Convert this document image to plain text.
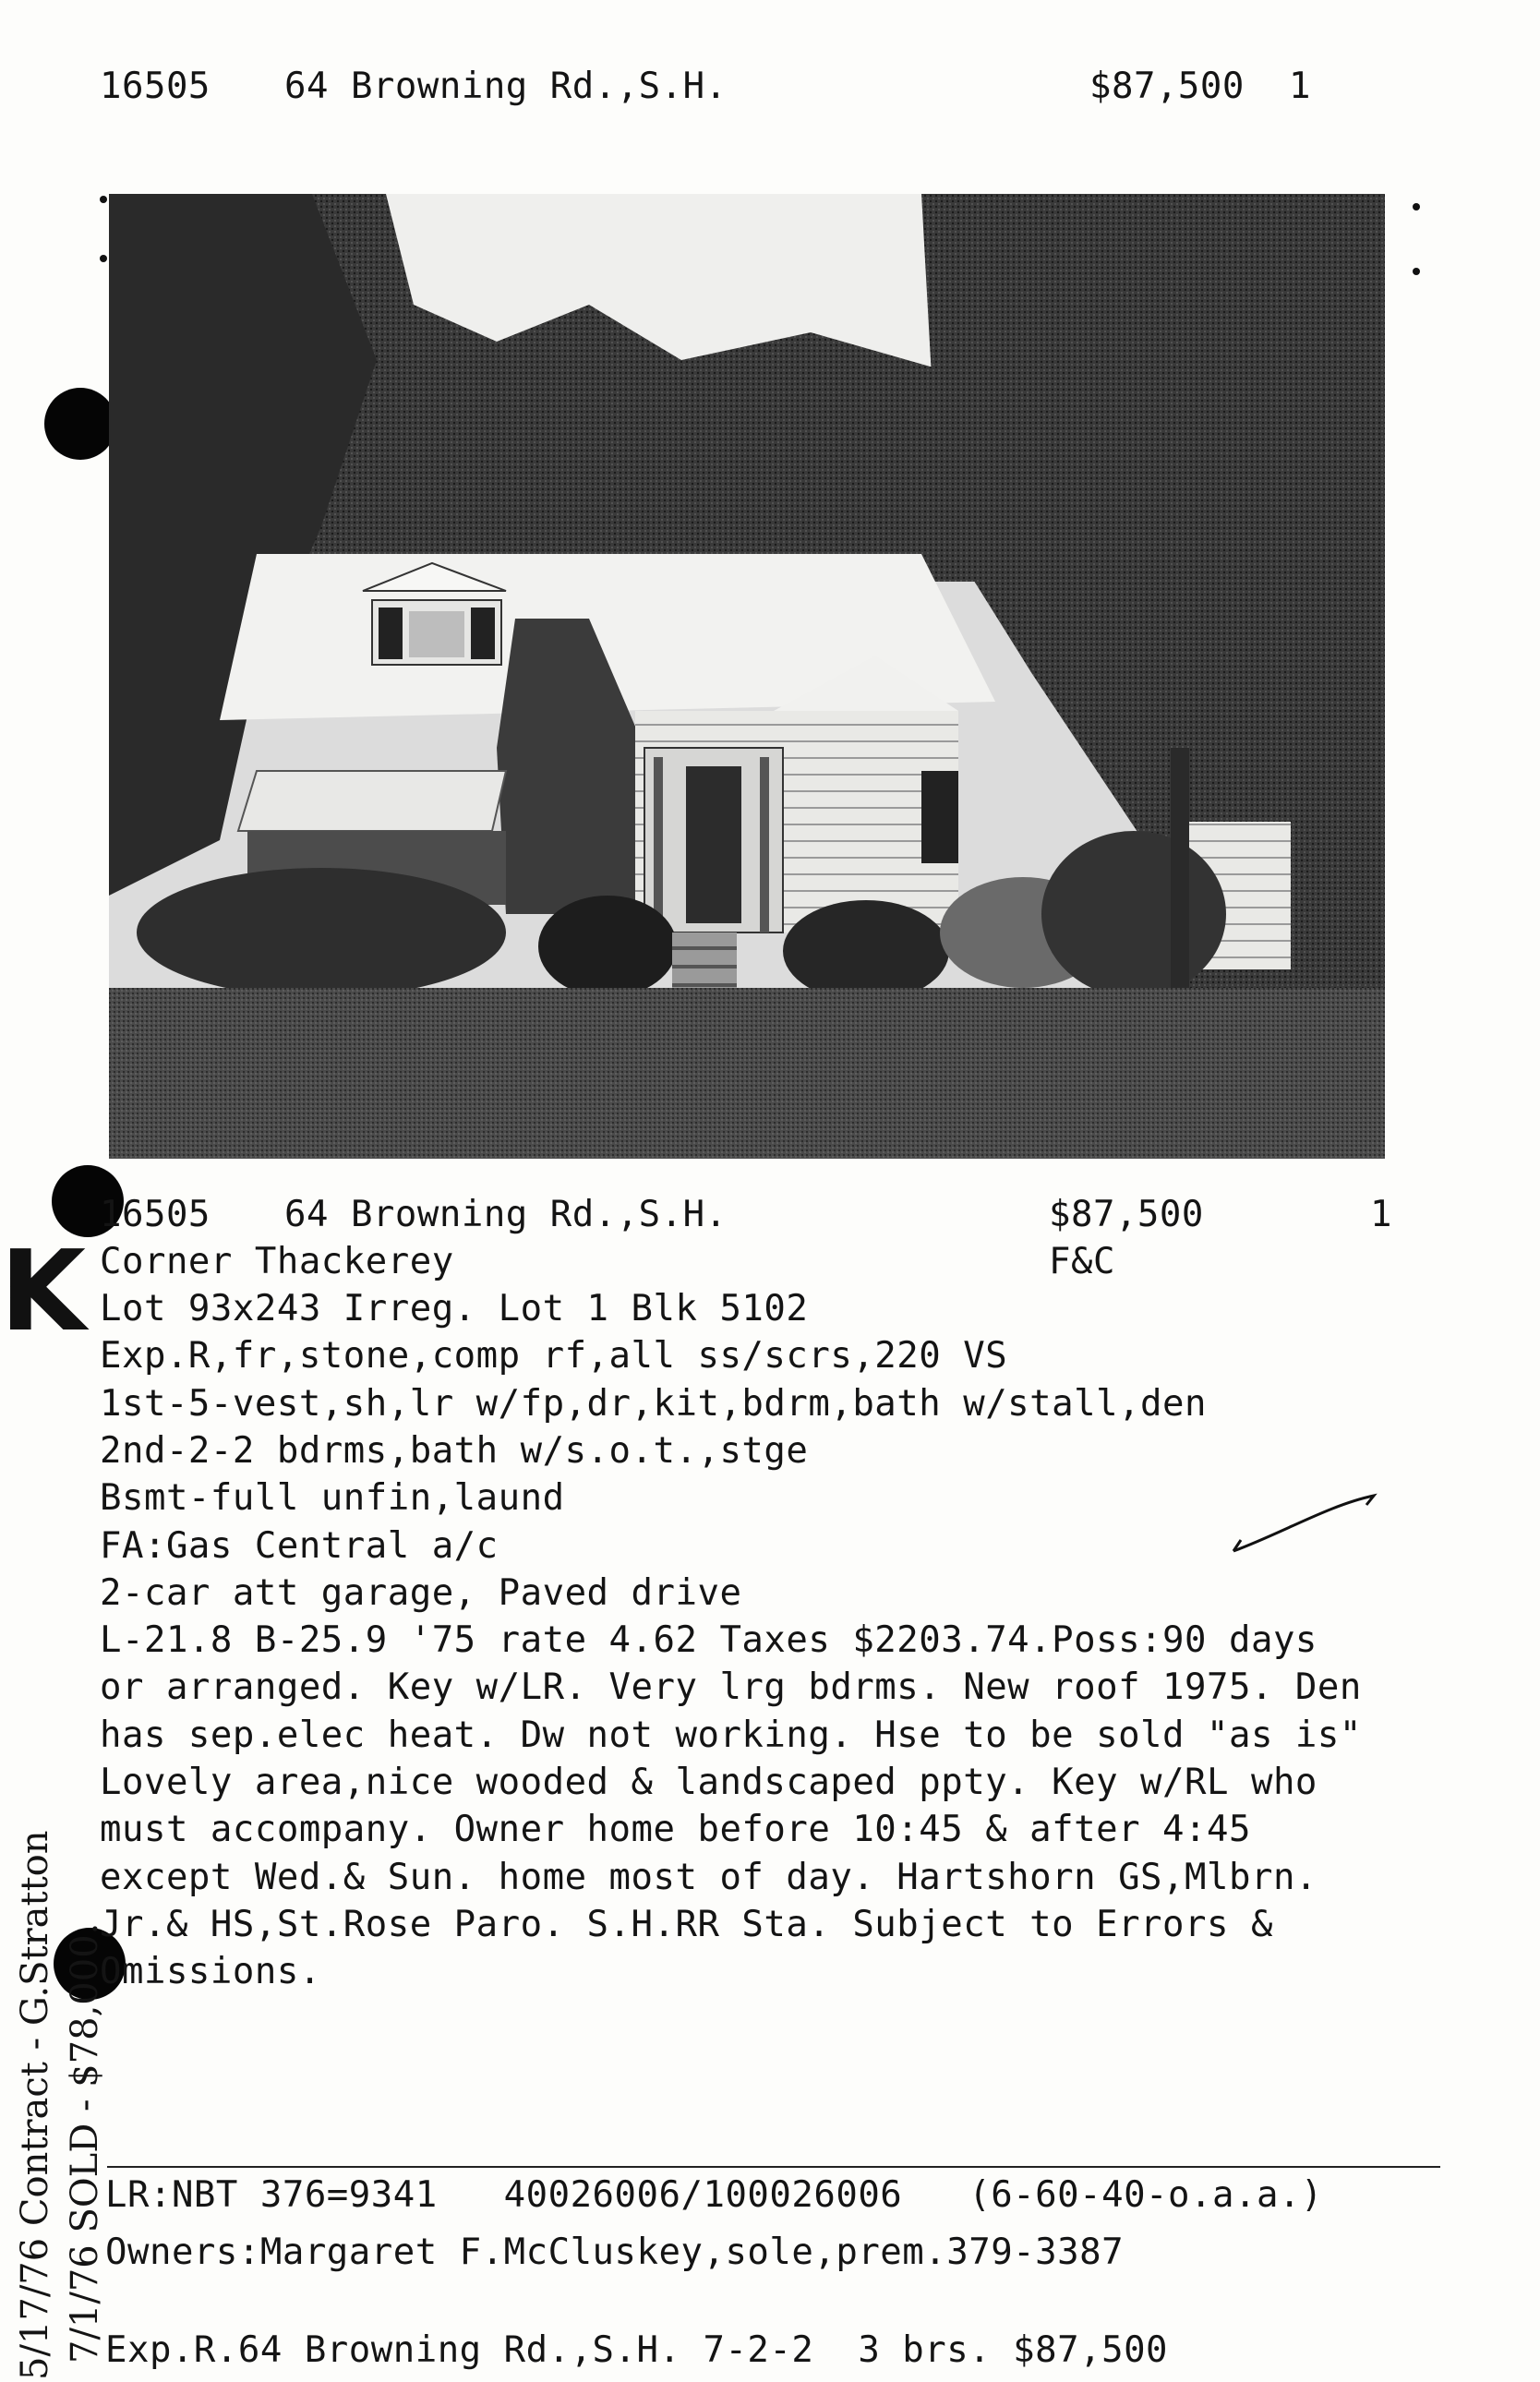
16505 64 Browning Rd.,S.H.	$87,500 1
16505 64 Browning Rd.,S.H.	$87,500	1
Corner Thackerey	F&C
Lot 93x243 Irreg. Lot 1 Blk 5102
Exp.R,fr,stone,comp rf,all ss/scrs,220 VS
1st-5-vest,sh,lr w/fp,dr,kit,bdrm,bath w/stall,den
2nd-2-2 bdrms,bath w/s.o.t.,stge
Bsmt-full unfin,laund
FA:Gas Central a/c
2-car att garage, Paved drive
L-21.8 B-25.9 '75 rate 4.62 Taxes $2203.74.Poss:90 days
or arranged. Key w/LR. Very lrg bdrms. New roof 1975. Den
has sep.elec heat. Dw not working. Hse to be sold "as is"
Lovely area,nice wooded & landscaped ppty. Key w/RL who
must accompany. Owner home before 10:45 & after 4:45
except Wed.& Sun. home most of day. Hartshorn GS,Mlbrn.
Jr.& HS,St.Rose Paro. S.H.RR Sta. Subject to Errors &
Omissions.
LR:NBT 376=9341   40026006/100026006   (6-60-40-o.a.a.)
Owners:Margaret F.McCluskey,sole,prem.379-3387
Exp.R.64 Browning Rd.,S.H. 7-2-2  3 brs. $87,500
K
5/17/76 Contract - G.Stratton 7/1/76 SOLD - $78,000.
